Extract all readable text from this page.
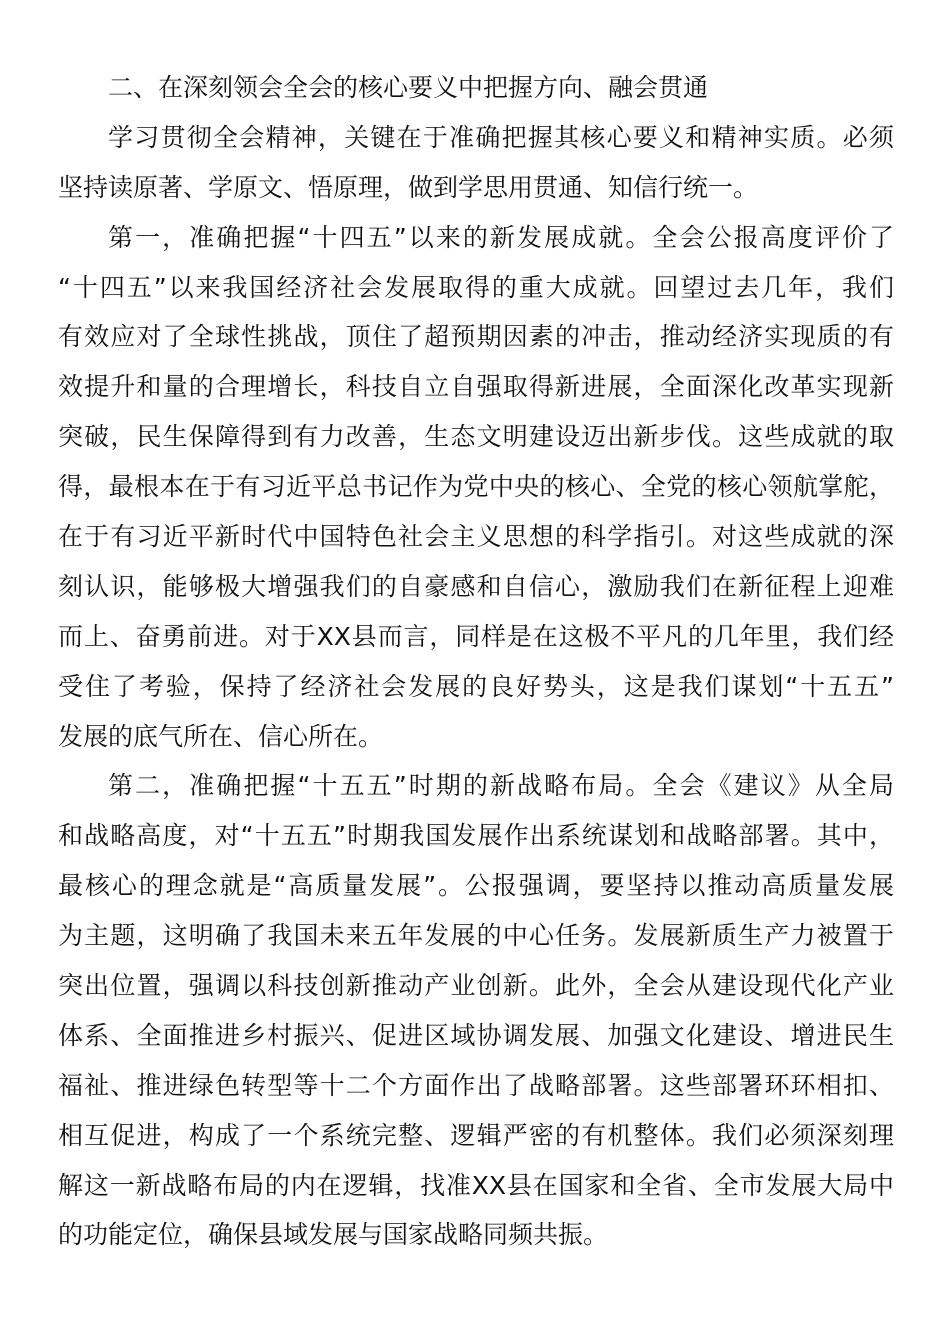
二、在深刻领会全会的核心要义中把握方向、融会贯通
学习贯彻全会精神，关键在于准确把握其核心要义和精神实质。必须
坚持读原著、学原文、悟原理，做到学思用贯通、知信行统一。
第一，准确把握“十四五”以来的新发展成就。全会公报高度评价了
“十四五”以来我国经济社会发展取得的重大成就。回望过去几年，我们
有效应对了全球性挑战，顶住了超预期因素的冲击，推动经济实现质的有
效提升和量的合理增长，科技自立自强取得新进展，全面深化改革实现新
突破，民生保障得到有力改善，生态文明建设迈出新步伐。这些成就的取
得，最根本在于有习近平总书记作为党中央的核心、全党的核心领航掌舵，
在于有习近平新时代中国特色社会主义思想的科学指引。对这些成就的深
刻认识，能够极大增强我们的自豪感和自信心，激励我们在新征程上迎难
而上、奋勇前进。对于XX县而言，同样是在这极不平凡的几年里，我们经
受住了考验，保持了经济社会发展的良好势头，这是我们谋划“十五五”
发展的底气所在、信心所在。
第二，准确把握“十五五”时期的新战略布局。全会《建议》从全局
和战略高度，对“十五五”时期我国发展作出系统谋划和战略部署。其中，
最核心的理念就是“高质量发展”。公报强调，要坚持以推动高质量发展
为主题，这明确了我国未来五年发展的中心任务。发展新质生产力被置于
突出位置，强调以科技创新推动产业创新。此外，全会从建设现代化产业
体系、全面推进乡村振兴、促进区域协调发展、加强文化建设、增进民生
福祉、推进绿色转型等十二个方面作出了战略部署。这些部署环环相扣、
相互促进，构成了一个系统完整、逻辑严密的有机整体。我们必须深刻理
解这一新战略布局的内在逻辑，找准XX县在国家和全省、全市发展大局中
的功能定位，确保县域发展与国家战略同频共振。
